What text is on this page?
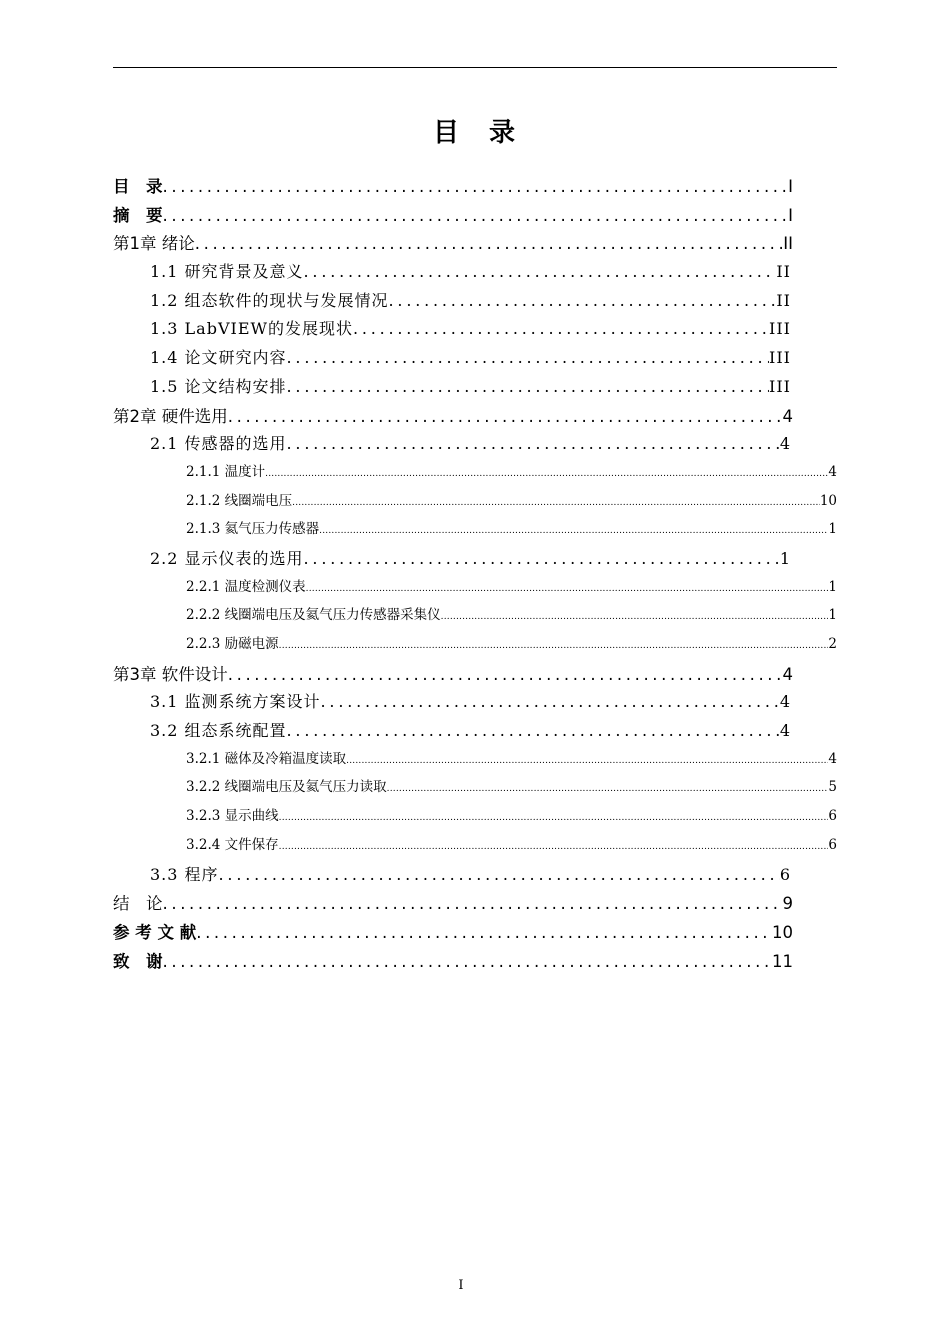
目　录
目　录 .....	I
摘　要 .....	I
第1章 绪论 .....	II
1.1 研究背景及意义 .....	II
1.2 组态软件的现状与发展情况 .....	II
1.3 LabVIEW的发展现状 .....	III
1.4 论文研究内容 .....	III
1.5 论文结构安排 .....	III
第2章 硬件选用 .....	4
2.1 传感器的选用 .....	4
2.1.1 温度计 .....	4
2.1.2 线圈端电压 .....	10
2.1.3 氦气压力传感器 .....	1
2.2 显示仪表的选用 .....	1
2.2.1 温度检测仪表 .....	1
2.2.2 线圈端电压及氦气压力传感器采集仪 .....	1
2.2.3 励磁电源 .....	2
第3章 软件设计 .....	4
3.1 监测系统方案设计 .....	4
3.2 组态系统配置 .....	4
3.2.1 磁体及冷箱温度读取 .....	4
3.2.2 线圈端电压及氦气压力读取 .....	5
3.2.3 显示曲线 .....	6
3.2.4 文件保存 .....	6
3.3 程序 .....	6
结　论 .....	9
参 考 文 献 .....	10
致　谢 .....	11
I
